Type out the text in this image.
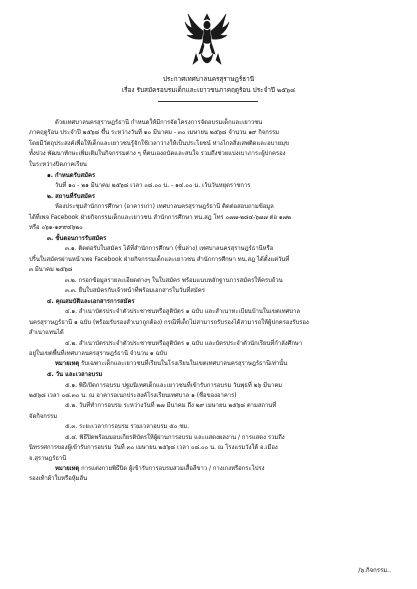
ประกาศเทศบาลนครสุราษฎร์ธานี
เรื่อง รับสมัครอบรมเด็กและเยาวชนภาคฤดูร้อน ประจำปี ๒๕๖๘

ด้วยเทศบาลนครสุราษฎร์ธานี กำหนดให้มีการจัดโครงการจัดอบรมเด็กและเยาวชน

ภาคฤดูร้อน ประจำปี ๒๕๖๘ ขึ้น ระหว่างวันที่ ๑๐ มีนาคม - ๓๐ เมษายน ๒๕๖๘ จำนวน ๑๙ กิจกรรม

โดยมีวัตถุประสงค์เพื่อให้เด็กและเยาวชนรู้จักใช้เวลาว่างให้เป็นประโยชน์ ห่างไกลสิ่งเสพติดและอบายมุข

ทั้งปวง พัฒนาทักษะเพิ่มเติมในกิจกรรมต่าง ๆ ที่ตนเองถนัดและสนใจ รวมถึงช่วยแบ่งเบาภาระผู้ปกครอง

ในระหว่างปิดภาคเรียน

๑. กำหนดรับสมัคร

วันที่ ๑๐ - ๒๑ มีนาคม ๒๕๖๘ เวลา ๐๘.๐๐ น. - ๑๔.๐๐ น. เว้นวันหยุดราชการ

๒. สถานที่รับสมัคร

ห้องประชุมสำนักการศึกษา (อาคารเก่า) เทศบาลนครสุราษฎร์ธานี ติดต่อสอบถามข้อมูล

ได้ที่เพจ Facebook ฝ่ายกิจกรรมเด็กและเยาวชน สำนักการศึกษา ทน.สฎ โทร ๐๗๗-๒๘๔-๖๗๗ ต่อ ๑๗๒

หรือ ๐๖๑-๑๙๙๔๖๒๐

๓. ขั้นตอนการรับสมัคร

๓.๑. ติดต่อรับใบสมัคร ได้ที่สำนักการศึกษา (ชั้นล่าง) เทศบาลนครสุราษฎร์ธานีหรือ

ปริ้นใบสมัครผ่านหน้าเพจ Facebook ฝ่ายกิจกรรมเด็กและเยาวชน สำนักการศึกษา ทน.สฎ ได้ตั้งแต่วันที่

๓ มีนาคม ๒๕๖๘

๓.๒. กรอกข้อมูลรายละเอียดต่างๆ ในใบสมัคร พร้อมแนบหลักฐานการสมัครให้ครบถ้วน

๓.๓. ยื่นใบสมัครกับเจ้าหน้าที่พร้อมเอกสารในวันที่สมัคร

๔. คุณสมบัติและเอกสารการสมัคร

๔.๑. สำเนาบัตรประจำตัวประชาชนหรือสูติบัตร ๑ ฉบับ และสำเนาทะเบียนบ้านในเขตเทศบาล

นครสุราษฎร์ธานี ๑ ฉบับ (พร้อมรับรองสำเนาถูกต้อง) กรณีที่เด็กไม่สามารถรับรองได้สามารถให้ผู้ปกครองรับรอง

สำเนาแทนได้

๔.๒. สำเนาบัตรประจำตัวประชาชนหรือสูติบัตร ๑ ฉบับ และบัตรประจำตัวนักเรียนที่กำลังศึกษา

อยู่ในเขตพื้นที่เทศบาลนครสุราษฎร์ธานี จำนวน ๑ ฉบับ

หมายเหตุ รับเฉพาะเด็กและเยาวชนที่เรียนในโรงเรียนในเขตเทศบาลนครสุราษฎร์ธานีเท่านั้น

๕. วัน และเวลาอบรม

๕.๑. พิธีเปิดการอบรม ปฐมนิเทศเด็กและเยาวชนที่เข้ารับการอบรม วันพุธที่ ๒๖ มีนาคม

๒๕๖๘ เวลา ๐๘.๓๐ น. ณ อาคารอเนกประสงค์โรงเรียนเทศบาล ๑ (ชื่อของอาคาร)

๕.๒. วันที่ทำการอบรม ระหว่างวันที่ ๒๗ มีนาคม ถึง ๒๙ เมษายน ๒๕๖๘ ตามสถานที่

จัดกิจกรรม

๕.๓. ระยะเวลาการอบรม รวมเวลาอบรม ๕๐ ชม.

๕.๔. พิธีปิดพร้อมมอบเกียรติบัตรให้ผู้ผ่านการอบรม และแสดงผลงาน / การแสดง รวมถึง

นิทรรศการของผู้เข้ารับการอบรม วันที่ ๓๐ เมษายน ๒๕๖๘ เวลา ๐๘.๐๐ น. ณ โรงแรมวังใต้ อ.เมือง

จ.สุราษฎร์ธานี

หมายเหตุ การแต่งกายพิธีปิด ผู้เข้ารับการอบรมสวมเสื้อสีขาว / กางเกงหรือกระโปรง

รองเท้าผ้าใบหรือหุ้มส้น

/๖.กิจกรรม..
